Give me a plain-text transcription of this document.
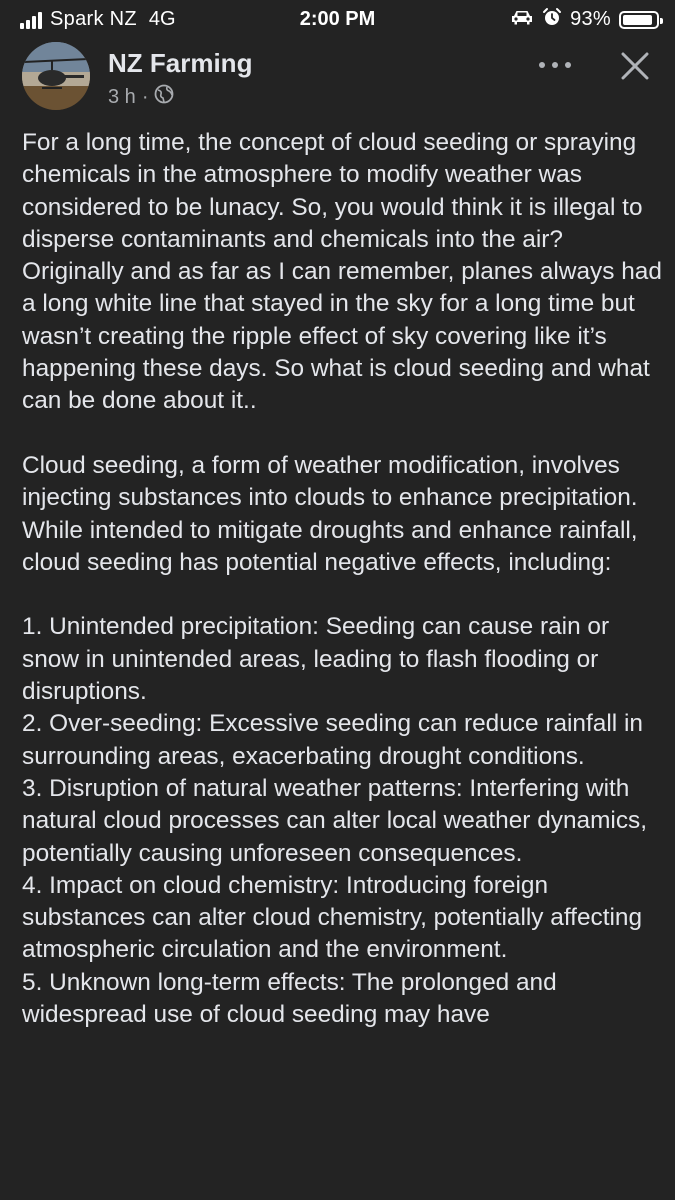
Spark NZ 4G	2:00 PM	93%
NZ Farming
3 h ·

For a long time, the concept of cloud seeding or spraying chemicals in the atmosphere to modify weather was considered to be lunacy. So, you would think it is illegal to disperse contaminants and chemicals into the air? Originally and as far as I can remember, planes always had a long white line that stayed in the sky for a long time but wasn’t creating the ripple effect of sky covering like it’s happening these days. So what is cloud seeding and what can be done about it..

Cloud seeding, a form of weather modification, involves injecting substances into clouds to enhance precipitation. While intended to mitigate droughts and enhance rainfall, cloud seeding has potential negative effects, including:

1. Unintended precipitation: Seeding can cause rain or snow in unintended areas, leading to flash flooding or disruptions.

2. Over-seeding: Excessive seeding can reduce rainfall in surrounding areas, exacerbating drought conditions.

3. Disruption of natural weather patterns: Interfering with natural cloud processes can alter local weather dynamics, potentially causing unforeseen consequences.

4. Impact on cloud chemistry: Introducing foreign substances can alter cloud chemistry, potentially affecting atmospheric circulation and the environment.

5. Unknown long-term effects: The prolonged and widespread use of cloud seeding may have
